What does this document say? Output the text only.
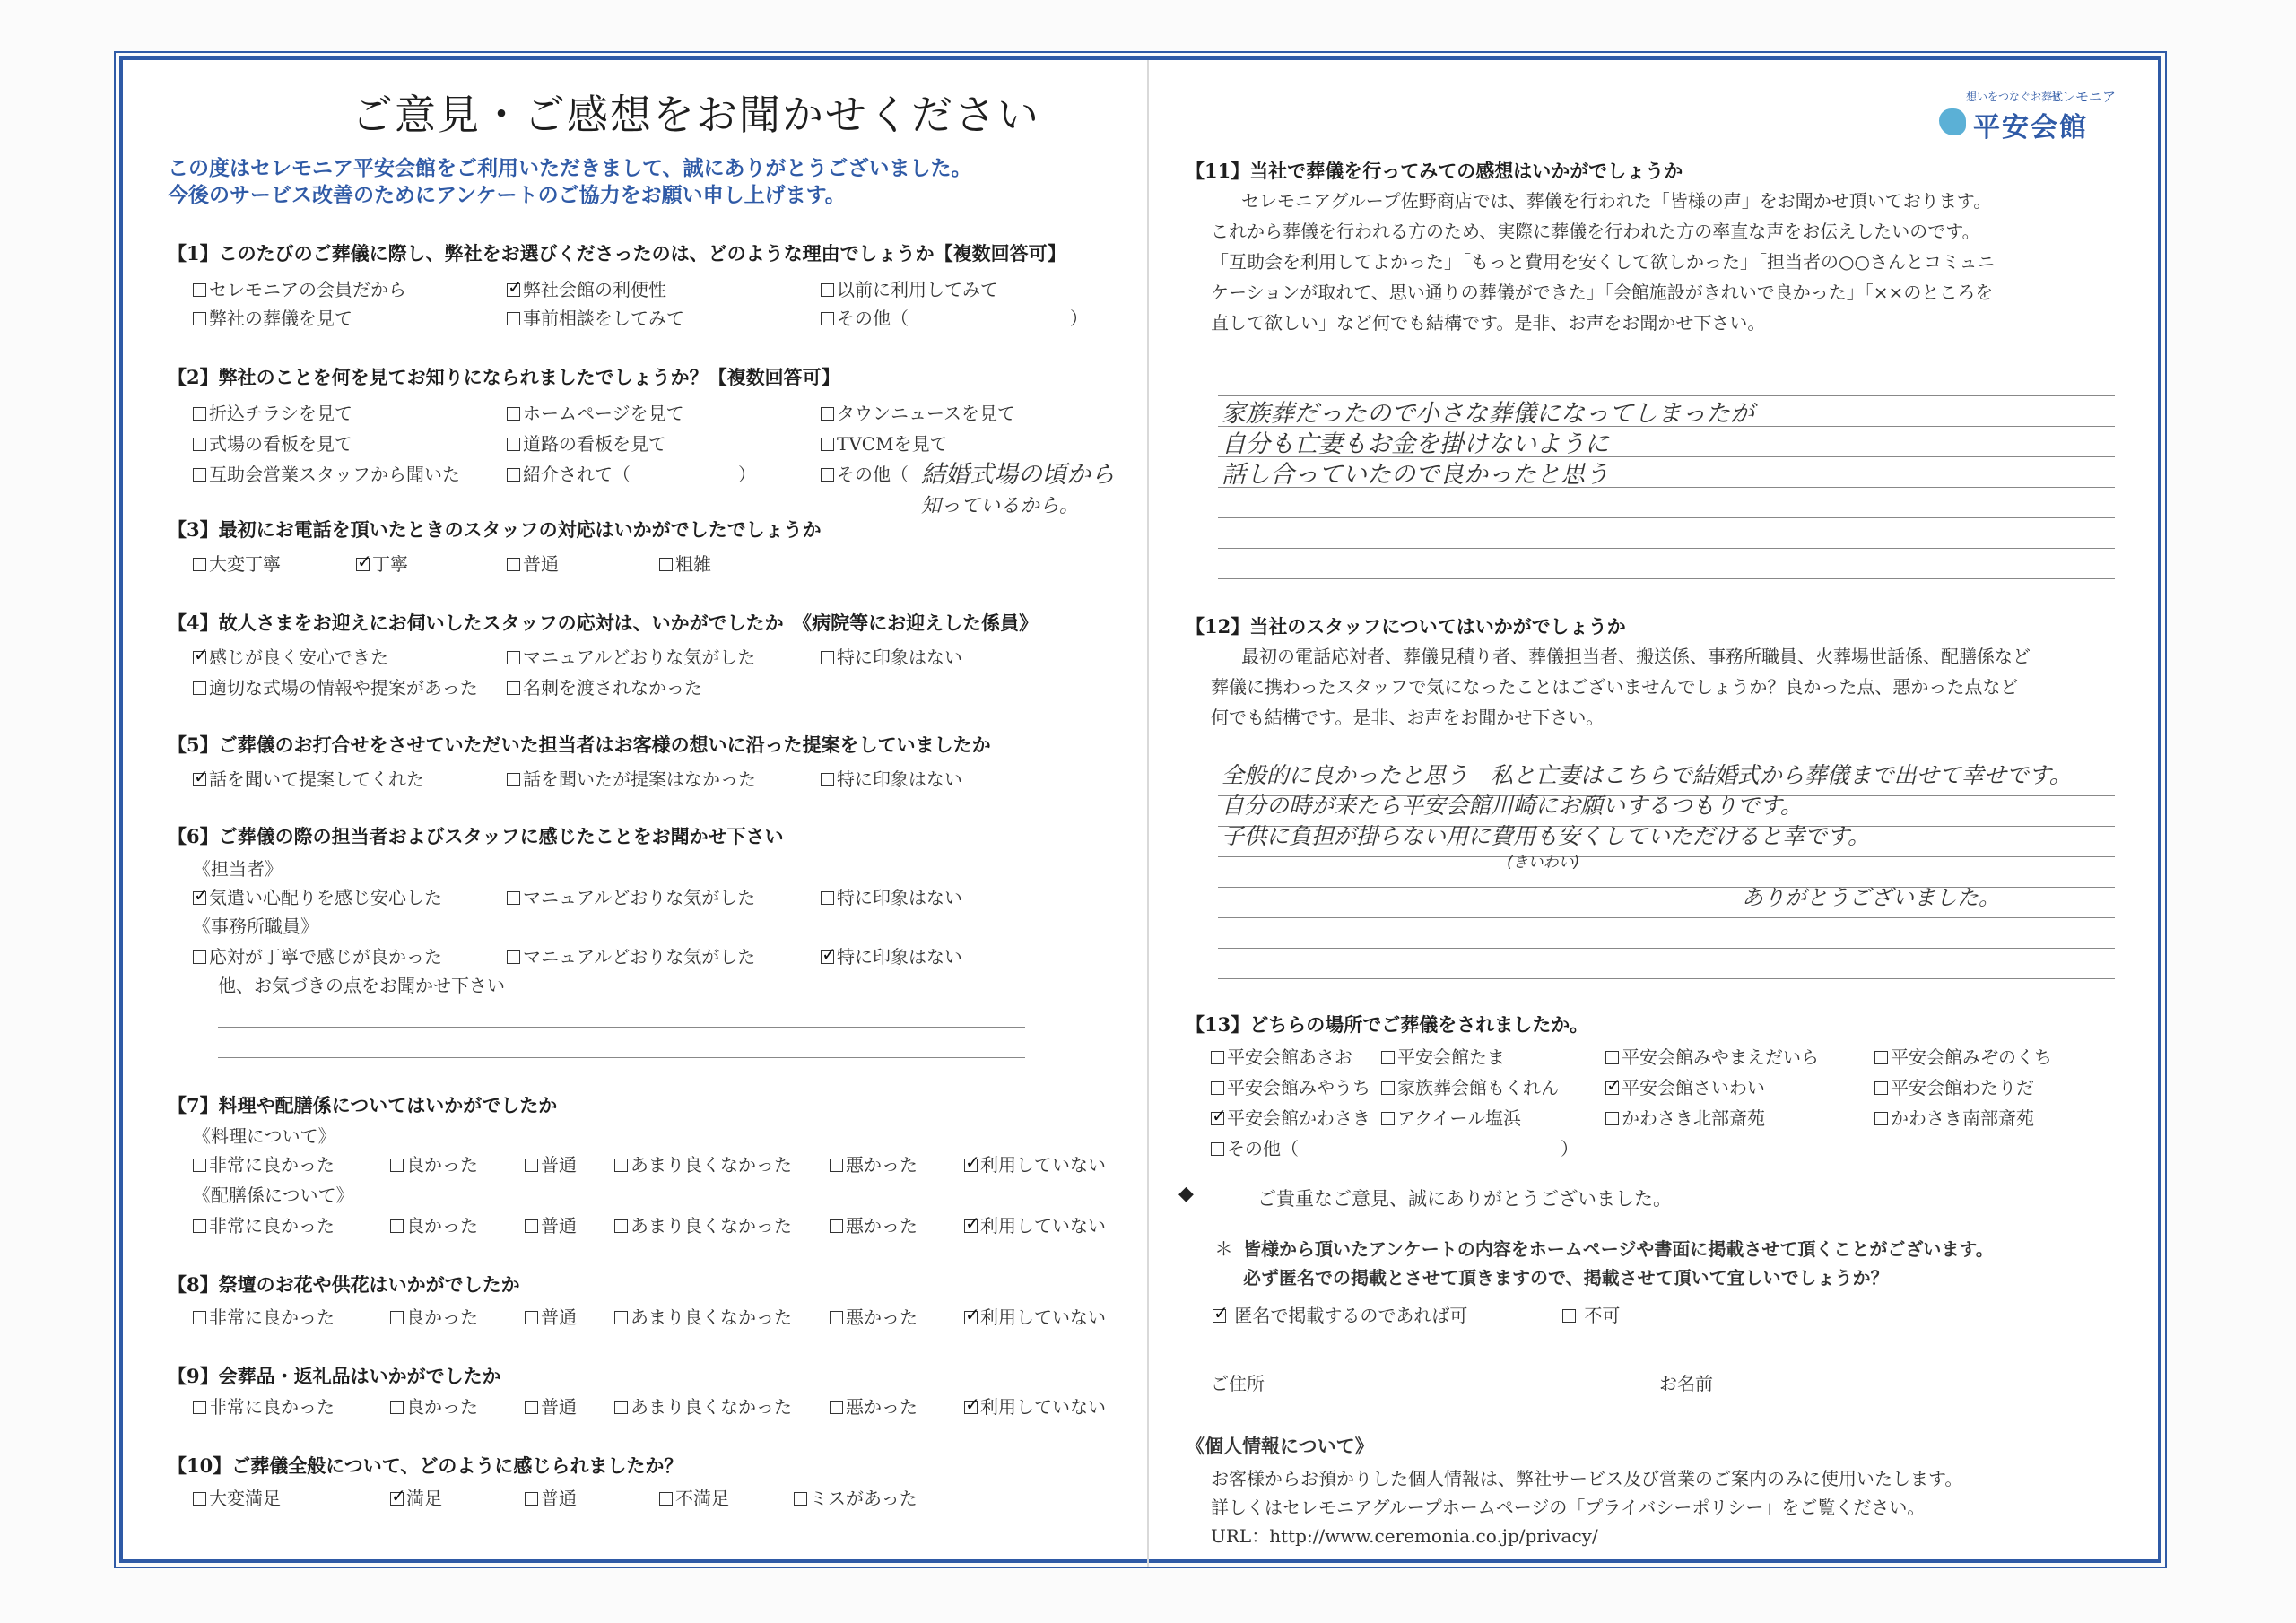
ご意見・ご感想をお聞かせください
この度はセレモニア平安会館をご利用いただきまして、誠にありがとうございました。
今後のサービス改善のためにアンケートのご協力をお願い申し上げます。
【1】このたびのご葬儀に際し、弊社をお選びくださったのは、どのような理由でしょうか【複数回答可】
セレモニアの会員だから ✓	弊社会館の利便性	以前に利用してみて
弊社の葬儀を見て	事前相談をしてみて	その他（　　　　　　　　　）
【2】弊社のことを何を見てお知りになられましたでしょうか？【複数回答可】
折込チラシを見て	ホームページを見て	タウンニュースを見て
式場の看板を見て	道路の看板を見て	TVCMを見て
互助会営業スタッフから聞いた	紹介されて（　　　　　　）	その他（ 結婚式場の頃から
知っているから。
【3】最初にお電話を頂いたときのスタッフの対応はいかがでしたでしょうか
大変丁寧 ✓	丁寧	普通	粗雑
【4】故人さまをお迎えにお伺いしたスタッフの応対は、いかがでしたか　《病院等にお迎えした係員》
✓感じが良く安心できた	マニュアルどおりな気がした	特に印象はない
適切な式場の情報や提案があった	名刺を渡されなかった
【5】ご葬儀のお打合せをさせていただいた担当者はお客様の想いに沿った提案をしていましたか
✓話を聞いて提案してくれた	話を聞いたが提案はなかった	特に印象はない
【6】ご葬儀の際の担当者およびスタッフに感じたことをお聞かせ下さい
《担当者》
✓気遣い心配りを感じ安心した	マニュアルどおりな気がした	特に印象はない
《事務所職員》
応対が丁寧で感じが良かった	マニュアルどおりな気がした ✓	特に印象はない
他、お気づきの点をお聞かせ下さい
【7】料理や配膳係についてはいかがでしたか
《料理について》
非常に良かった	良かった	普通	あまり良くなかった	悪かった ✓	利用していない
《配膳係について》
非常に良かった	良かった	普通	あまり良くなかった	悪かった ✓	利用していない
【8】祭壇のお花や供花はいかがでしたか
非常に良かった	良かった	普通	あまり良くなかった	悪かった ✓	利用していない
【9】会葬品・返礼品はいかがでしたか
非常に良かった	良かった	普通	あまり良くなかった	悪かった ✓	利用していない
【10】ご葬儀全般について、どのように感じられましたか？
大変満足 ✓	満足	普通	不満足	ミスがあった
想いをつなぐお葬式
セレモニア
平安会館
【11】当社で葬儀を行ってみての感想はいかがでしょうか
セレモニアグループ佐野商店では、葬儀を行われた「皆様の声」をお聞かせ頂いております。
これから葬儀を行われる方のため、実際に葬儀を行われた方の率直な声をお伝えしたいのです。
「互助会を利用してよかった」「もっと費用を安くして欲しかった」「担当者の○○さんとコミュニ
ケーションが取れて、思い通りの葬儀ができた」「会館施設がきれいで良かった」「××のところを
直して欲しい」など何でも結構です。是非、お声をお聞かせ下さい。
家族葬だったので小さな葬儀になってしまったが
自分も亡妻もお金を掛けないように
話し合っていたので良かったと思う
【12】当社のスタッフについてはいかがでしょうか
最初の電話応対者、葬儀見積り者、葬儀担当者、搬送係、事務所職員、火葬場世話係、配膳係など
葬儀に携わったスタッフで気になったことはございませんでしょうか？良かった点、悪かった点など
何でも結構です。是非、お声をお聞かせ下さい。
全般的に良かったと思う　私と亡妻はこちらで結婚式から葬儀まで出せて幸せです。
自分の時が来たら平安会館川崎にお願いするつもりです。
子供に負担が掛らない用に費用も安くしていただけると幸です。
(きいわい)
ありがとうございました。
【13】どちらの場所でご葬儀をされましたか。
平安会館あさお	平安会館たま	平安会館みやまえだいら	平安会館みぞのくち
平安会館みやうち	家族葬会館もくれん ✓	平安会館さいわい	平安会館わたりだ
✓平安会館かわさき	アクイール塩浜	かわさき北部斎苑	かわさき南部斎苑
その他（	）
◆	ご貴重なご意見、誠にありがとうございました。
＊ 皆様から頂いたアンケートの内容をホームページや書面に掲載させて頂くことがございます。
必ず匿名での掲載とさせて頂きますので、掲載させて頂いて宜しいでしょうか？
✓ 匿名で掲載するのであれば可	不可
ご住所	お名前
《個人情報について》
お客様からお預かりした個人情報は、弊社サービス及び営業のご案内のみに使用いたします。
詳しくはセレモニアグループホームページの「プライバシーポリシー」をご覧ください。
URL：http://www.ceremonia.co.jp/privacy/
